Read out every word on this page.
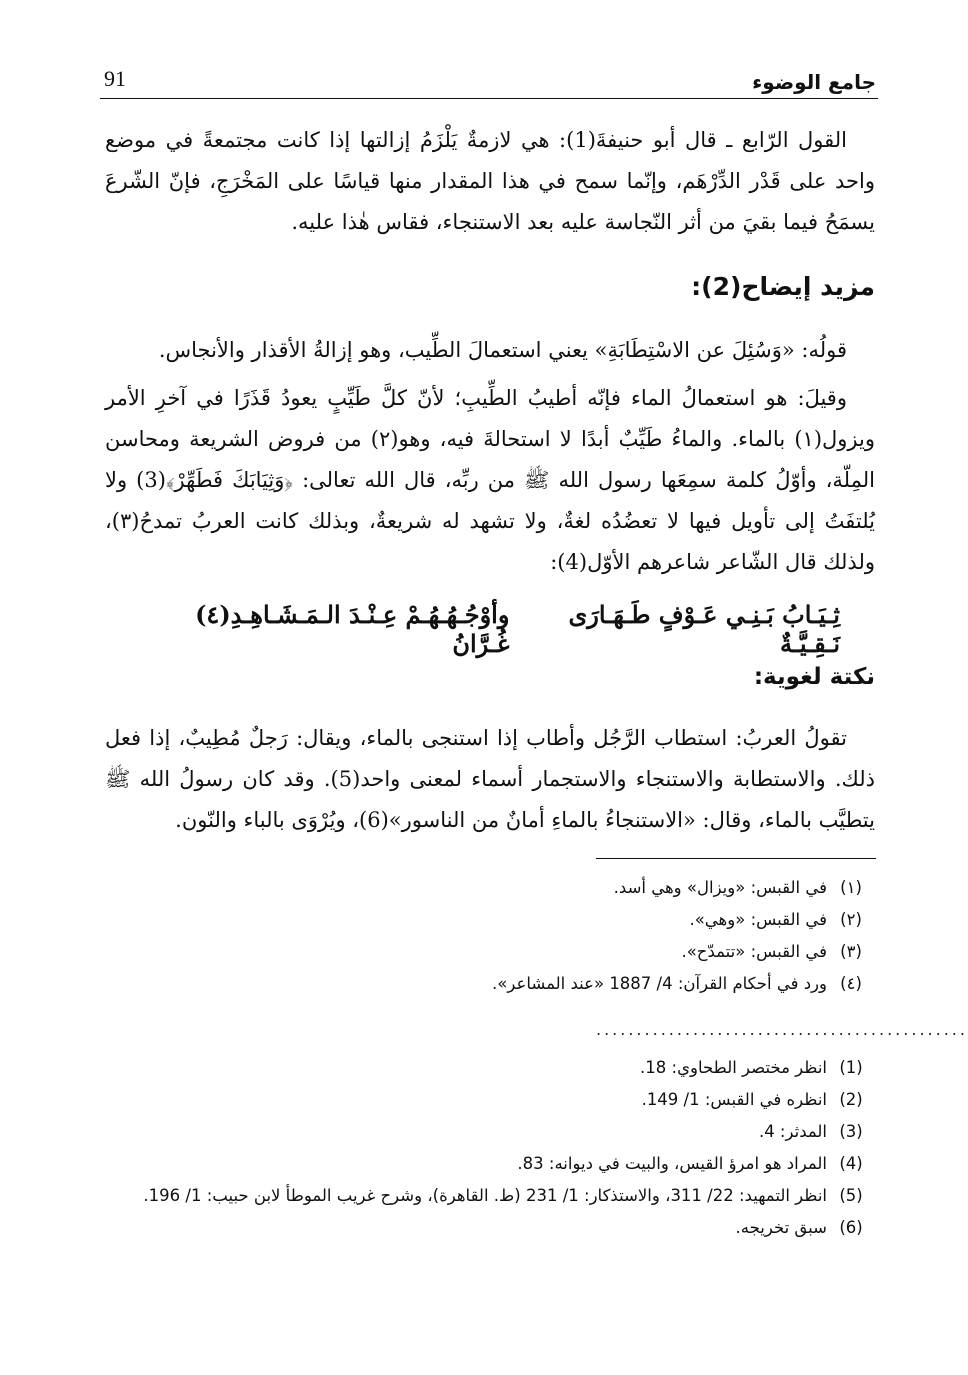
91	جامع الوضوء

القول الرّابع ـ قال أبو حنيفةَ(1): هي لازمةٌ يَلْزَمُ إزالتها إذا كانت مجتمعةً في موضع واحد على قَدْر الدِّرْهَم، وإنّما سمح في هذا المقدار منها قياسًا على المَخْرَجِ، فإنّ الشّرعَ يسمَحُ فيما بقيَ من أثر النّجاسة عليه بعد الاستنجاء، فقاس هٰذا عليه.

مزيد إيضاح(2):

قولُه: «وَسُئِلَ عن الاسْتِطَابَةِ» يعني استعمالَ الطِّيب، وهو إزالةُ الأقذار والأنجاس.

وقيلَ: هو استعمالُ الماء فإنّه أطيبُ الطِّيبِ؛ لأنّ كلَّ طَيِّبٍ يعودُ قَذَرًا في آخرِ الأمر ويزول(١) بالماء. والماءُ طَيِّبٌ أبدًا لا استحالةَ فيه، وهو(٢) من فروض الشريعة ومحاسن المِلّة، وأوّلُ كلمة سمِعَها رسول الله ﷺ من ربِّه، قال الله تعالى: ﴿وَثِيَابَكَ فَطَهِّرْ﴾(3) ولا يُلتفَتُ إلى تأويل فيها لا تعضُدُه لغةٌ، ولا تشهد له شريعةٌ، وبذلك كانت العربُ تمدحُ(٣)، ولذلك قال الشّاعر شاعرهم الأوّل(4):

ثِـيَـابُ بَـنِـي عَـوْفٍ طَـهَـارَى نَـقِـيَّـةٌ
وأوْجُـهُـهُـمْ عِـنْـدَ الـمَـشَـاهِـدِ(٤) غُـرَّانُ
نكتة لغوية:

تقولُ العربُ: استطاب الرَّجُل وأطاب إذا استنجى بالماء، ويقال: رَجلٌ مُطِيبٌ، إذا فعل ذلك. والاستطابة والاستنجاء والاستجمار أسماء لمعنى واحد(5). وقد كان رسولُ الله ﷺ يتطيَّب بالماء، وقال: «الاستنجاءُ بالماءِ أمانٌ من الناسور»(6)، ويُرْوَى بالباء والنّون.

(١)
في القبس: «ويزال» وهي أسد.
(٢)
في القبس: «وهي».
(٣)
في القبس: «تتمدّح».
(٤)
ورد في أحكام القرآن: 4/ 1887 «عند المشاعر».
..............................................
(1)
انظر مختصر الطحاوي: 18.
(2)
انظره في القبس: 1/ 149.
(3)
المدثر: 4.
(4)
المراد هو امرؤ القيس، والبيت في ديوانه: 83.
(5)
انظر التمهيد: 22/ 311، والاستذكار: 1/ 231 (ط. القاهرة)، وشرح غريب الموطأ لابن حبيب: 1/ 196.
(6)
سبق تخريجه.
